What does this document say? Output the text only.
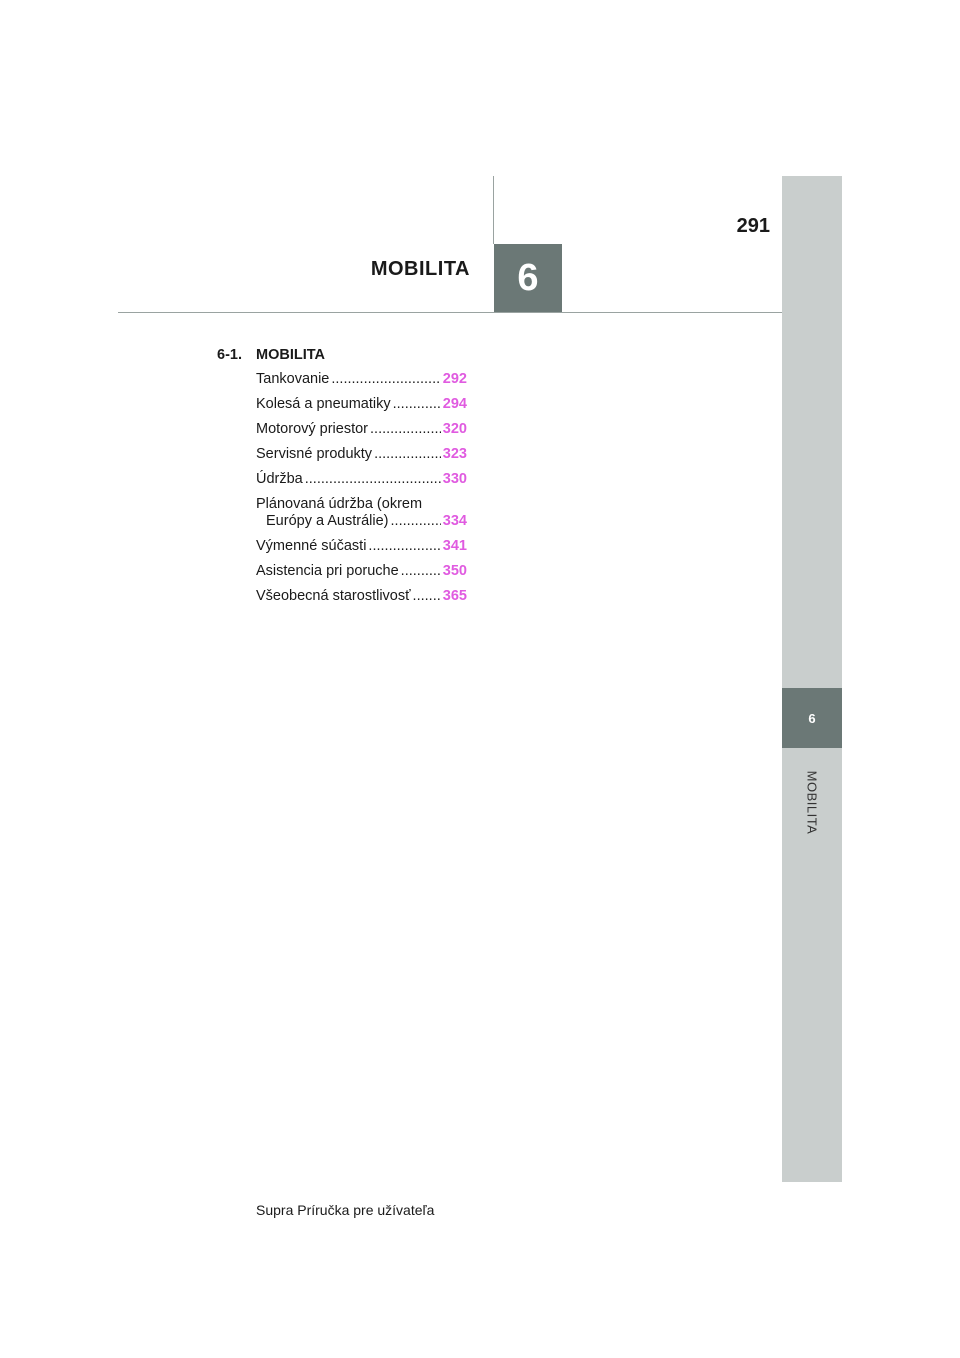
6
MOBILITA
6
MOBILITA
291
6-1. MOBILITA
Tankovanie .....	292
Kolesá a pneumatiky .....	294
Motorový priestor .....	320
Servisné produkty .....	323
Údržba .....	330
Plánovaná údržba (okrem
Európy a Austrálie) .....	334
Výmenné súčasti .....	341
Asistencia pri poruche .....	350
Všeobecná starostlivosť ..... 365
Supra Príručka pre užívateľa
